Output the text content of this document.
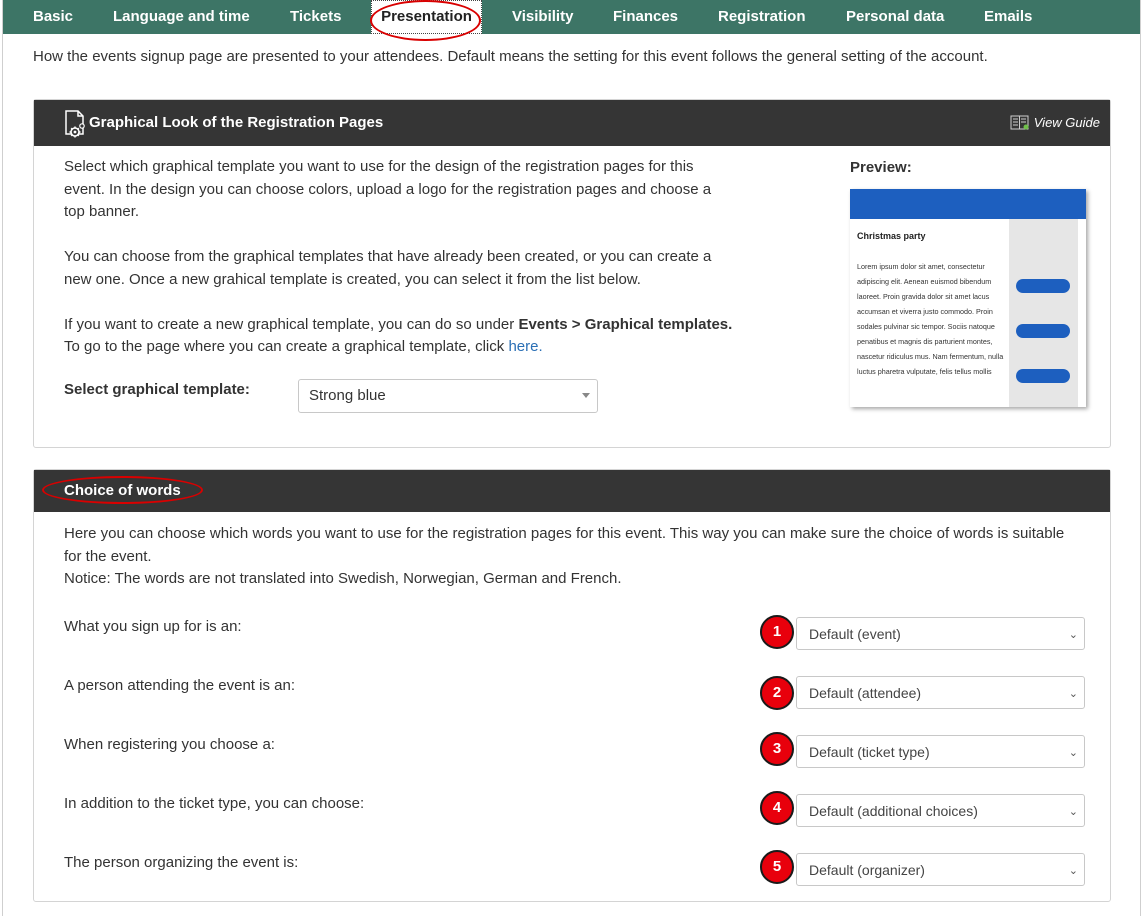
Basic	Language and time	Tickets	Presentation	Visibility	Finances	Registration	Personal data	Emails
How the events signup page are presented to your attendees. Default means the setting for this event follows the general setting of the account.
Graphical Look of the Registration Pages	View Guide
Select which graphical template you want to use for the design of the registration pages for this
event. In the design you can choose colors, upload a logo for the registration pages and choose a
top banner.
You can choose from the graphical templates that have already been created, or you can create a
new one. Once a new grahical template is created, you can select it from the list below.
If you want to create a new graphical template, you can do so under Events > Graphical templates.
To go to the page where you can create a graphical template, click here.
Select graphical template:	Strong blue
Preview:
Christmas party
Lorem ipsum dolor sit amet, consectetur adipiscing elit. Aenean euismod bibendum laoreet. Proin gravida dolor sit amet lacus accumsan et viverra justo commodo. Proin sodales pulvinar sic tempor. Sociis natoque penatibus et magnis dis parturient montes, nascetur ridiculus mus. Nam fermentum, nulla luctus pharetra vulputate, felis tellus mollis
Choice of words
Here you can choose which words you want to use for the registration pages for this event. This way you can make sure the choice of words is suitable
for the event.
Notice: The words are not translated into Swedish, Norwegian, German and French.
What you sign up for is an:	1	Default (event)	⌄
A person attending the event is an:	2	Default (attendee)	⌄
When registering you choose a:	3	Default (ticket type)	⌄
In addition to the ticket type, you can choose:	4	Default (additional choices)	⌄
The person organizing the event is:	5	Default (organizer)	⌄
